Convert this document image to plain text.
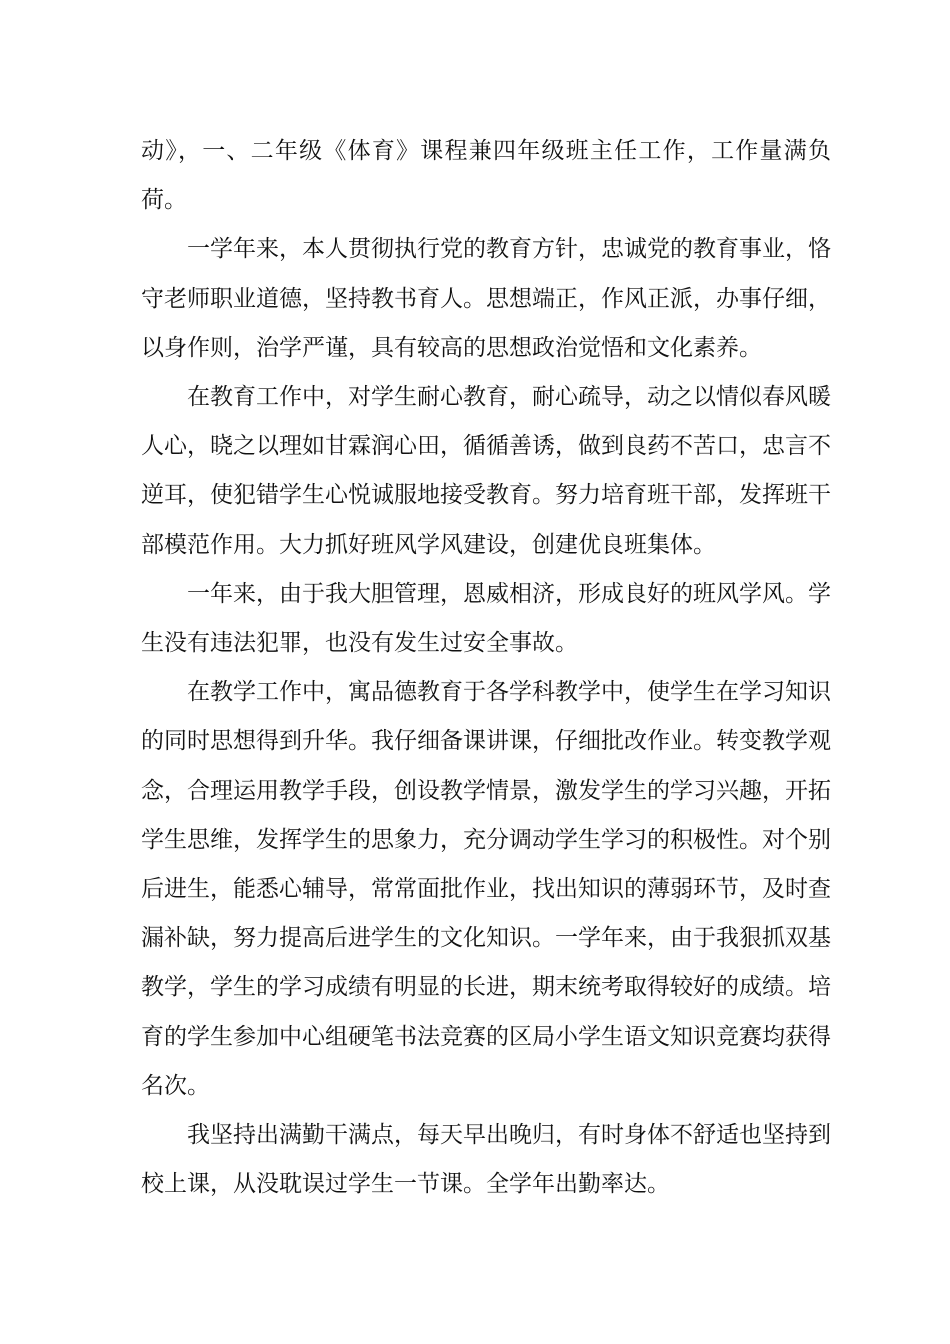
动》，一、二年级《体育》课程兼四年级班主任工作，工作量满负荷。

一学年来，本人贯彻执行党的教育方针，忠诚党的教育事业，恪守老师职业道德，坚持教书育人。思想端正，作风正派，办事仔细，以身作则，治学严谨，具有较高的思想政治觉悟和文化素养。

在教育工作中，对学生耐心教育，耐心疏导，动之以情似春风暖人心，晓之以理如甘霖润心田，循循善诱，做到良药不苦口，忠言不逆耳，使犯错学生心悦诚服地接受教育。努力培育班干部，发挥班干部模范作用。大力抓好班风学风建设，创建优良班集体。

一年来，由于我大胆管理，恩威相济，形成良好的班风学风。学生没有违法犯罪，也没有发生过安全事故。

在教学工作中，寓品德教育于各学科教学中，使学生在学习知识的同时思想得到升华。我仔细备课讲课，仔细批改作业。转变教学观念，合理运用教学手段，创设教学情景，激发学生的学习兴趣，开拓学生思维，发挥学生的思象力，充分调动学生学习的积极性。对个别后进生，能悉心辅导，常常面批作业，找出知识的薄弱环节，及时查漏补缺，努力提高后进学生的文化知识。一学年来，由于我狠抓双基教学，学生的学习成绩有明显的长进，期末统考取得较好的成绩。培育的学生参加中心组硬笔书法竞赛的区局小学生语文知识竞赛均获得名次。

我坚持出满勤干满点，每天早出晚归，有时身体不舒适也坚持到校上课，从没耽误过学生一节课。全学年出勤率达。
